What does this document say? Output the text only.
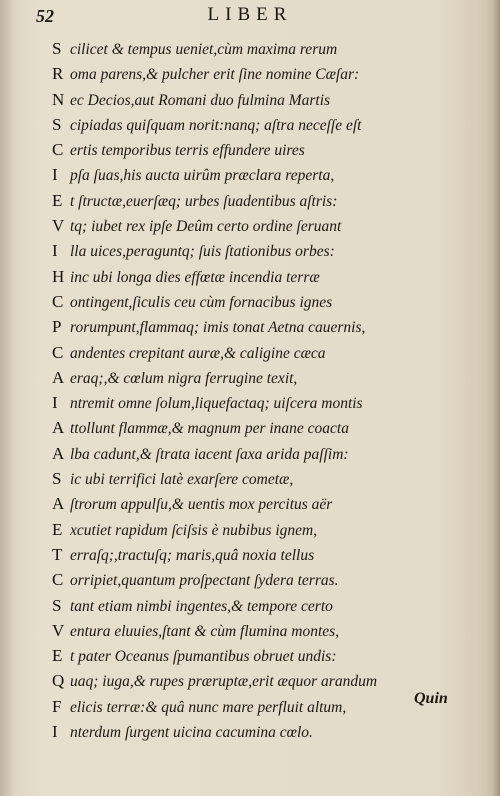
52	LIBER
S cilicet & tempus ueniet,cùm maxima rerum
R oma parens,& pulcher erit ſine nomine Cæſar:
N ec Decios,aut Romani duo fulmina Martis
S cipiadas quiſquam norit:nanq; aſtra neceſſe eſt
C ertis temporibus terris effundere uires
I pſa ſuas,his aucta uirûm præclara reperta,
E t ſtructæ,euerſæq; urbes ſuadentibus aſtris:
V tq; iubet rex ipſe Deûm certo ordine ſeruant
I lla uices,peraguntq; ſuis ſtationibus orbes:
H inc ubi longa dies effœtæ incendia terræ
C ontingent,ſiculis ceu cùm fornacibus ignes
P rorumpunt,flammaq; imis tonat Aetna cauernis,
C andentes crepitant auræ,& caligine cæca
A eraq;,& cœlum nigra ferrugine texit,
I ntremit omne ſolum,liquefactaq; uiſcera montis
A ttollunt flammæ,& magnum per inane coacta
A lba cadunt,& ſtrata iacent ſaxa arida paſſim:
S ic ubi terrifici latè exarſere cometæ,
A ſtrorum appulſu,& uentis mox percitus aër
E xcutiet rapidum ſciſsis è nubibus ignem,
T erraſq;,tractuſq; maris,quâ noxia tellus
C orripiet,quantum proſpectant ſydera terras.
S tant etiam nimbi ingentes,& tempore certo
V entura eluuies,ſtant & cùm flumina montes,
E t pater Oceanus ſpumantibus obruet undis:
Q uaq; iuga,& rupes præruptæ,erit æquor arandum
F elicis terræ:& quâ nunc mare perfluit altum,
I nterdum ſurgent uicina cacumina cœlo.
Quin
